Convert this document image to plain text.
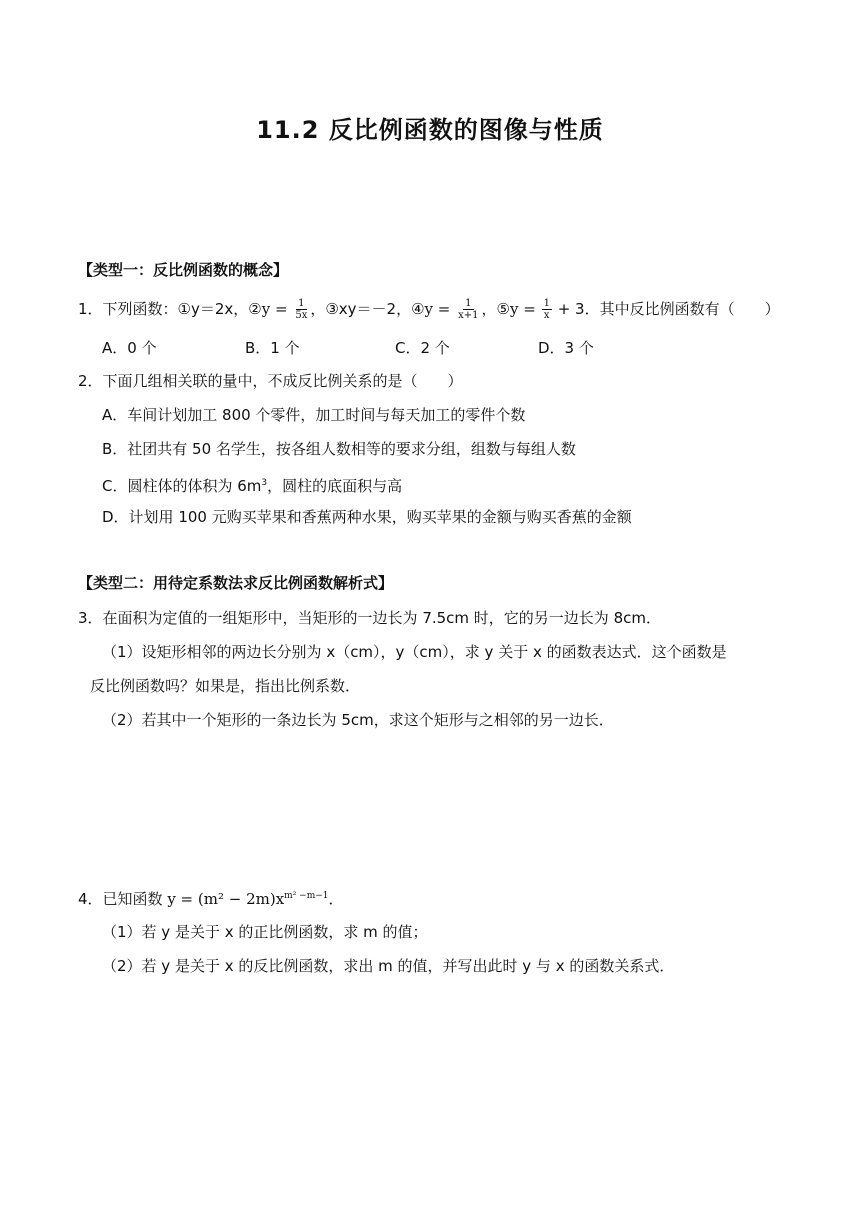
11.2 反比例函数的图像与性质
【类型一：反比例函数的概念】
1．下列函数：①y＝2x，②y = $\frac{1}{5x}$ ，③xy＝－2，④y = $\frac{1}{x+1}$ ，⑤y = $\frac{1}{x} + 3$．其中反比例函数有（　　）
A．0 个	B．1 个	C．2 个	D．3 个
2．下面几组相关联的量中，不成反比例关系的是（　　）
A．车间计划加工 800 个零件，加工时间与每天加工的零件个数
B．社团共有 50 名学生，按各组人数相等的要求分组，组数与每组人数
C．圆柱体的体积为 $6m^3$，圆柱的底面积与高
D．计划用 100 元购买苹果和香蕉两种水果，购买苹果的金额与购买香蕉的金额
【类型二：用待定系数法求反比例函数解析式】
3．在面积为定值的一组矩形中，当矩形的一边长为 7.5cm 时，它的另一边长为 8cm．
（1）设矩形相邻的两边长分别为 x（cm），y（cm），求 y 关于 x 的函数表达式．这个函数是
反比例函数吗？如果是，指出比例系数．
（2）若其中一个矩形的一条边长为 5cm，求这个矩形与之相邻的另一边长．
4．已知函数 $y = (m^2 - 2m)x^{m^2 -m-1}$．
（1）若 y 是关于 x 的正比例函数，求 m 的值；
（2）若 y 是关于 x 的反比例函数，求出 m 的值，并写出此时 y 与 x 的函数关系式．
